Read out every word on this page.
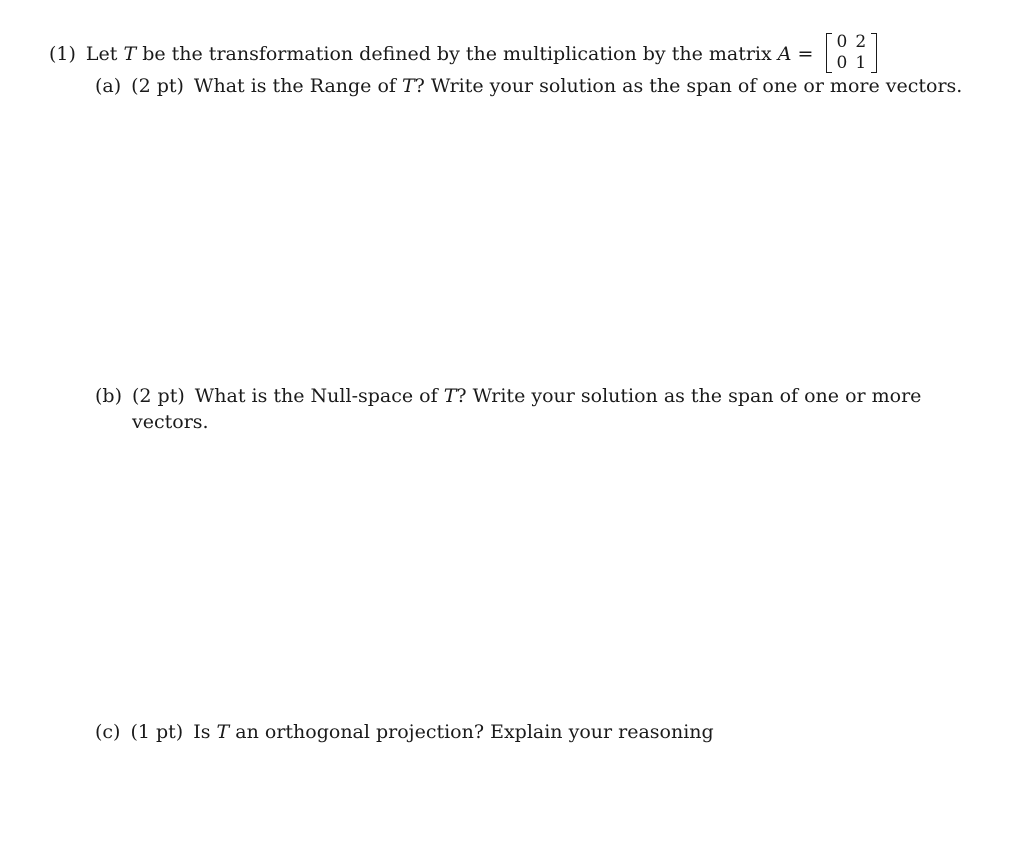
(1) Let T be the transformation defined by the multiplication by the matrix A =
0	2
0	1
(a) (2 pt) What is the Range of T? Write your solution as the span of one or more vectors.
(b) (2 pt) What is the Null-space of T? Write your solution as the span of one or more
vectors.
(c) (1 pt) Is T an orthogonal projection? Explain your reasoning
